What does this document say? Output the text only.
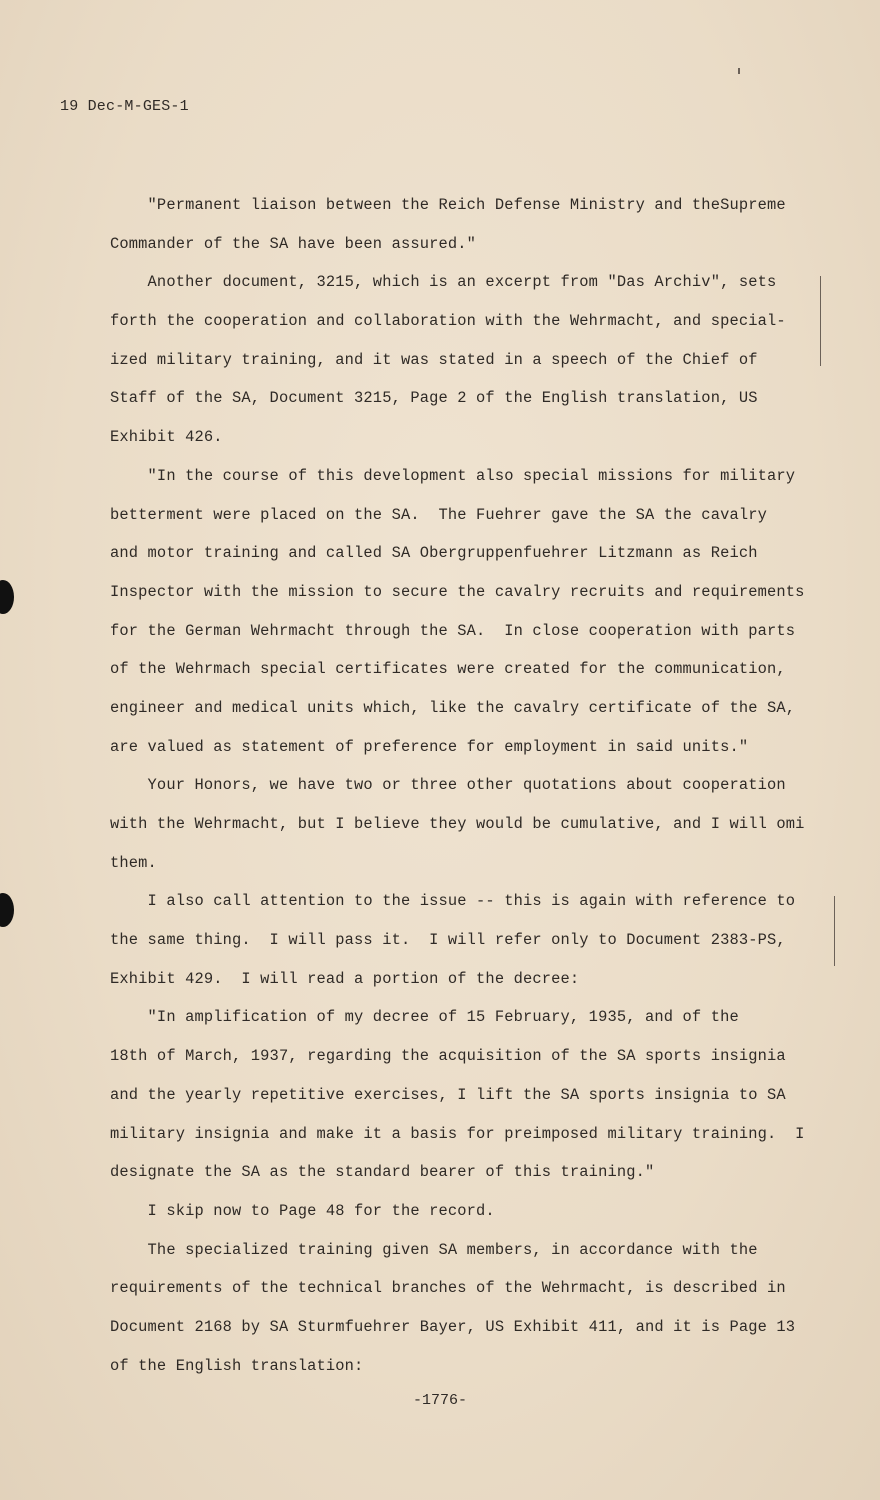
19 Dec-M-GES-1
"Permanent liaison between the Reich Defense Ministry and theSupreme
Commander of the SA have been assured."
Another document, 3215, which is an excerpt from "Das Archiv", sets
forth the cooperation and collaboration with the Wehrmacht, and special-
ized military training, and it was stated in a speech of the Chief of
Staff of the SA, Document 3215, Page 2 of the English translation, US
Exhibit 426.
"In the course of this development also special missions for military
betterment were placed on the SA.  The Fuehrer gave the SA the cavalry
and motor training and called SA Obergruppenfuehrer Litzmann as Reich
Inspector with the mission to secure the cavalry recruits and requirements
for the German Wehrmacht through the SA.  In close cooperation with parts
of the Wehrmach special certificates were created for the communication,
engineer and medical units which, like the cavalry certificate of the SA,
are valued as statement of preference for employment in said units."
Your Honors, we have two or three other quotations about cooperation
with the Wehrmacht, but I believe they would be cumulative, and I will omi
them.
I also call attention to the issue -- this is again with reference to
the same thing.  I will pass it.  I will refer only to Document 2383-PS,
Exhibit 429.  I will read a portion of the decree:
"In amplification of my decree of 15 February, 1935, and of the
18th of March, 1937, regarding the acquisition of the SA sports insignia
and the yearly repetitive exercises, I lift the SA sports insignia to SA
military insignia and make it a basis for preimposed military training.  I
designate the SA as the standard bearer of this training."
I skip now to Page 48 for the record.
The specialized training given SA members, in accordance with the
requirements of the technical branches of the Wehrmacht, is described in
Document 2168 by SA Sturmfuehrer Bayer, US Exhibit 411, and it is Page 13
of the English translation:
-1776-
